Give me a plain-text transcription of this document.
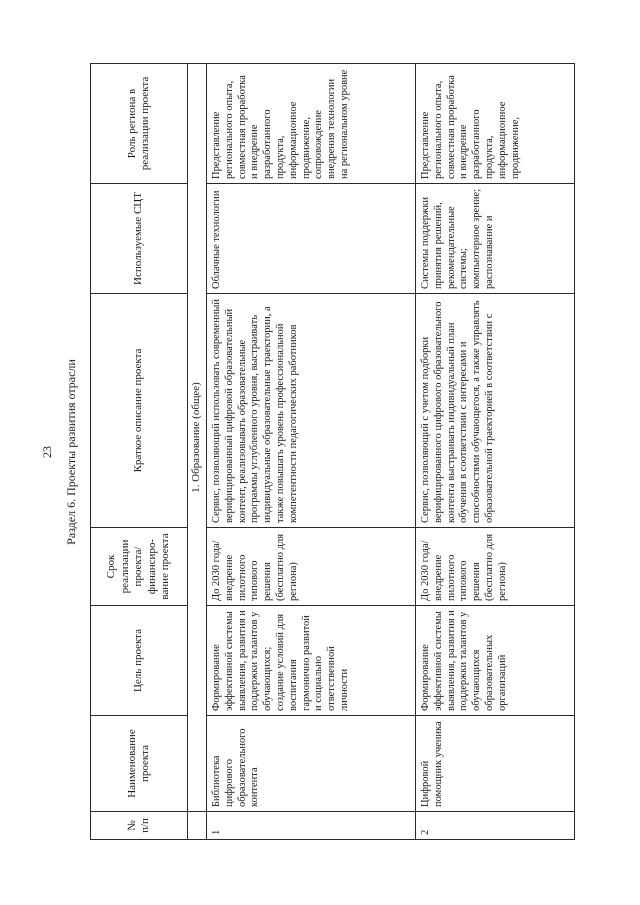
23 Раздел 6. Проекты развития отрасли
№ п/п	Наименование проекта	Цель проекта	Срок реализации проекта/ финансиро- вание проекта	Краткое описание проекта	Используемые СЦТ	Роль региона в реализации проекта
	1. Образование (общее)					
1	Библиотека цифрового образовательного контента	Формирование эффективной системы выявления, развития и поддержки талантов у обучающихся; создание условий для воспитания гармонично развитой и социально ответственной личности	До 2030 года/ внедрение пилотного типового решения (бесплатно для региона)	Сервис, позволяющий использовать современный верифицированный цифровой образовательный контент, реализовывать образовательные программы углубленного уровня, выстраивать индивидуальные образовательные траектории, а также повышать уровень профессиональной компетентности педагогических работников	Облачные технологии	Представление регионального опыта, совместная проработка и внедрение разработанного продукта, информационное продвижение, сопровождение внедрения технологии на региональном уровне
2	Цифровой помощник ученика	Формирование эффективной системы выявления, развития и поддержки талантов у обучающихся образовательных организаций	До 2030 года/ внедрение пилотного типового решения (бесплатно для региона)	Сервис, позволяющий с учетом подборки верифицированного цифрового образовательного контента выстраивать индивидуальный план обучения в соответствии с интересами и способностями обучающегося, а также управлять образовательной траекторией в соответствии с	Системы поддержки принятия решений, рекомендательные системы; компьютерное зрение; распознавание и	Представление регионального опыта, совместная проработка и внедрение разработанного продукта, информационное продвижение,
